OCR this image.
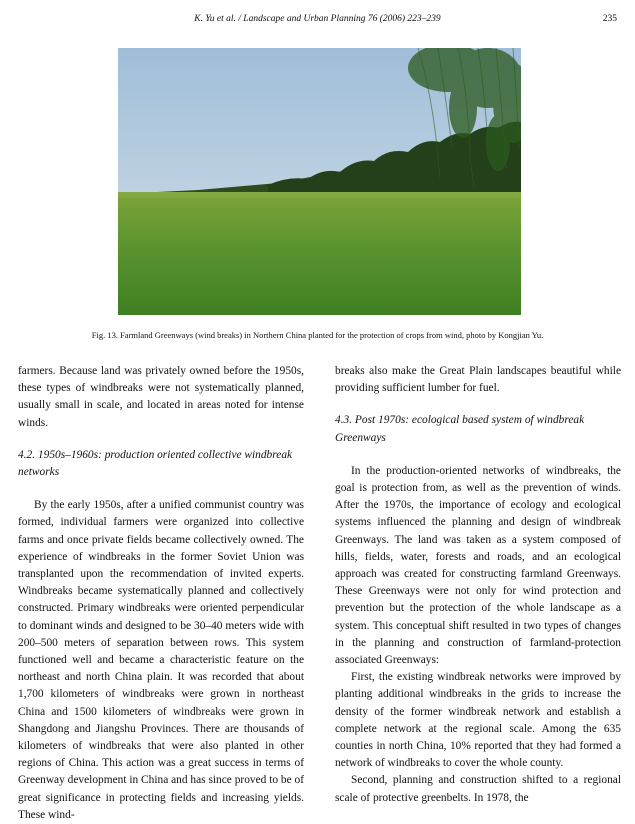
K. Yu et al. / Landscape and Urban Planning 76 (2006) 223–239	235
Fig. 13. Farmland Greenways (wind breaks) in Northern China planted for the protection of crops from wind, photo by Kongjian Yu.

farmers. Because land was privately owned before the 1950s, these types of windbreaks were not systematically planned, usually small in scale, and located in areas noted for intense winds.

4.2. 1950s–1960s: production oriented collective windbreak networks

By the early 1950s, after a unified communist country was formed, individual farmers were organized into collective farms and once private fields became collectively owned. The experience of windbreaks in the former Soviet Union was transplanted upon the recommendation of invited experts. Windbreaks became systematically planned and collectively constructed. Primary windbreaks were oriented perpendicular to dominant winds and designed to be 30–40 meters wide with 200–500 meters of separation between rows. This system functioned well and became a characteristic feature on the northeast and north China plain. It was recorded that about 1,700 kilometers of windbreaks were grown in northeast China and 1500 kilometers of windbreaks were grown in Shangdong and Jiangshu Provinces. There are thousands of kilometers of windbreaks that were also planted in other regions of China. This action was a great success in terms of Greenway development in China and has since proved to be of great significance in protecting fields and increasing yields. These wind-

breaks also make the Great Plain landscapes beautiful while providing sufficient lumber for fuel.

4.3. Post 1970s: ecological based system of windbreak Greenways

In the production-oriented networks of windbreaks, the goal is protection from, as well as the prevention of winds. After the 1970s, the importance of ecology and ecological systems influenced the planning and design of windbreak Greenways. The land was taken as a system composed of hills, fields, water, forests and roads, and an ecological approach was created for constructing farmland Greenways. These Greenways were not only for wind protection and prevention but the protection of the whole landscape as a system. This conceptual shift resulted in two types of changes in the planning and construction of farmland-protection associated Greenways:

First, the existing windbreak networks were improved by planting additional windbreaks in the grids to increase the density of the former windbreak network and establish a complete network at the regional scale. Among the 635 counties in north China, 10% reported that they had formed a network of windbreaks to cover the whole county.

Second, planning and construction shifted to a regional scale of protective greenbelts. In 1978, the
